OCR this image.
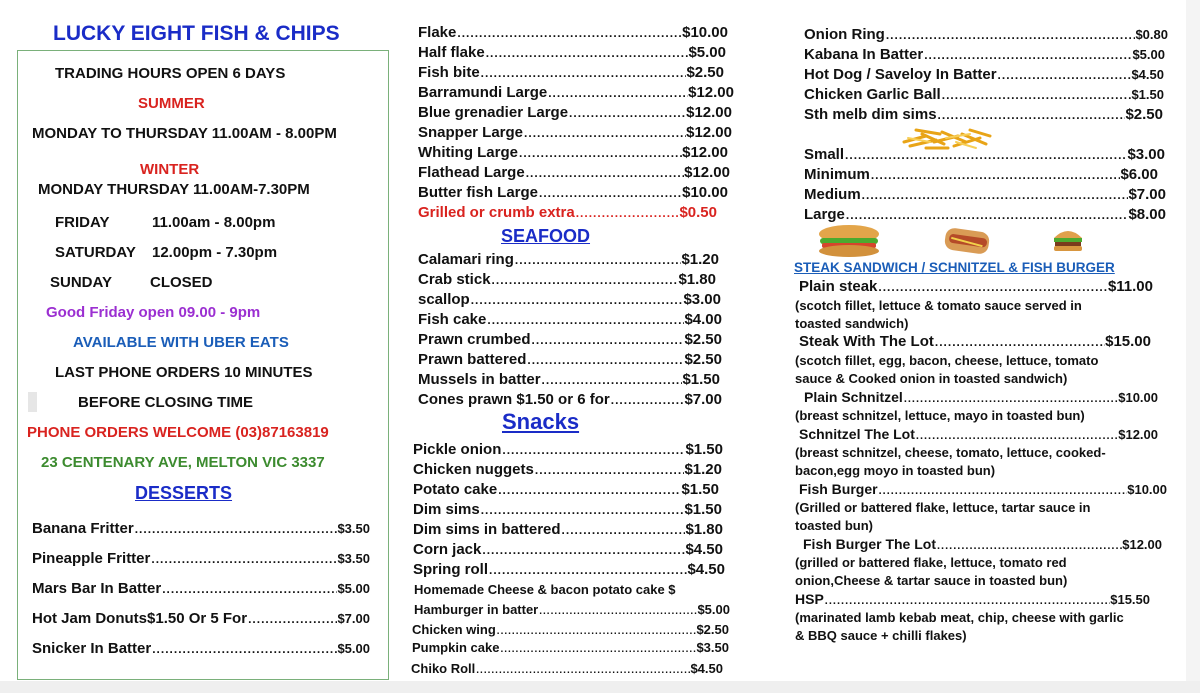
LUCKY EIGHT FISH & CHIPS
TRADING HOURS OPEN 6 DAYS
SUMMER
MONDAY TO THURSDAY 11.00AM - 8.00PM
WINTER
MONDAY THURSDAY 11.00AM-7.30PM
FRIDAY	11.00am - 8.00pm
SATURDAY 12.00pm - 7.30pm
SUNDAY	CLOSED
Good Friday open 09.00 - 9pm
AVAILABLE WITH UBER EATS
LAST PHONE ORDERS 10 MINUTES
BEFORE CLOSING TIME
PHONE ORDERS WELCOME (03)87163819
23 CENTENARY AVE, MELTON VIC 3337
DESSERTS
Banana Fritter .....	$3.50
Pineapple Fritter .....	$3.50
Mars Bar In Batter .....	$5.00
Hot Jam Donuts$1.50 Or 5 For .....	$7.00
Snicker In Batter .....	$5.00
Flake .....	$10.00
Half flake .....	$5.00
Fish bite .....	$2.50
Barramundi Large .....	$12.00
Blue grenadier Large .....	$12.00
Snapper Large .....	$12.00
Whiting Large .....	$12.00
Flathead Large .....	$12.00
Butter fish Large .....	$10.00
Grilled or crumb extra .....	$0.50
SEAFOOD
Calamari ring .....	$1.20
Crab stick .....	$1.80
scallop .....	$3.00
Fish cake .....	$4.00
Prawn crumbed .....	$2.50
Prawn battered .....	$2.50
Mussels in batter .....	$1.50
Cones prawn $1.50 or 6 for .....	$7.00
Snacks
Pickle onion .....	$1.50
Chicken nuggets .....	$1.20
Potato cake .....	$1.50
Dim sims .....	$1.50
Dim sims in battered .....	$1.80
Corn jack .....	$4.50
Spring roll .....	$4.50
Homemade Cheese & bacon potato cake $
Hamburger in batter .....	$5.00
Chicken wing .....	$2.50
Pumpkin cake .....	$3.50
Chiko Roll .....	$4.50
Onion Ring .....	$0.80
Kabana In Batter .....	$5.00
Hot Dog / Saveloy In Batter .....	$4.50
Chicken Garlic Ball .....	$1.50
Sth melb dim sims .....	$2.50
Small .....	$3.00
Minimum .....	$6.00
Medium .....	$7.00
Large .....	$8.00
STEAK SANDWICH / SCHNITZEL & FISH BURGER
Plain steak .....	$11.00
(scotch fillet, lettuce & tomato sauce served in
toasted sandwich)
Steak With The Lot .....	$15.00
(scotch fillet, egg, bacon, cheese, lettuce, tomato
sauce & Cooked onion in toasted sandwich)
Plain Schnitzel .....	$10.00
(breast schnitzel, lettuce, mayo in toasted bun)
Schnitzel The Lot .....	$12.00
(breast schnitzel, cheese, tomato, lettuce, cooked-
bacon,egg moyo in toasted bun)
Fish Burger .....	$10.00
(Grilled or battered flake, lettuce, tartar sauce in
toasted bun)
Fish Burger The Lot .....	$12.00
(grilled or battered flake, lettuce, tomato red
onion,Cheese & tartar sauce in toasted bun)
HSP .....	$15.50
(marinated lamb kebab meat, chip, cheese with garlic
& BBQ sauce + chilli flakes)
